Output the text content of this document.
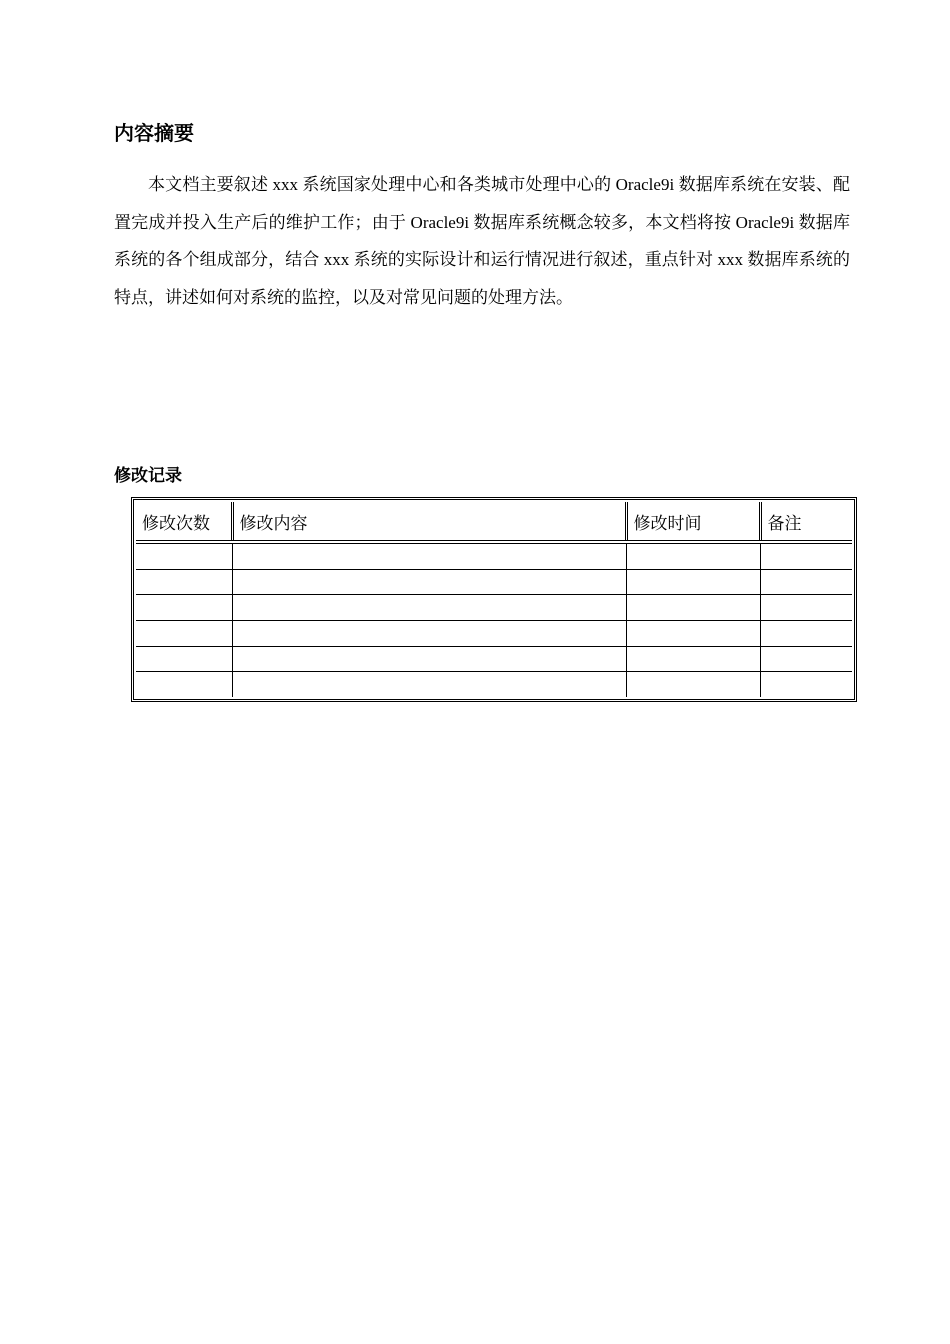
内容摘要

本文档主要叙述 xxx 系统国家处理中心和各类城市处理中心的 Oracle9i 数据库系统在安装、配置完成并投入生产后的维护工作；由于 Oracle9i 数据库系统概念较多，本文档将按 Oracle9i 数据库系统的各个组成部分，结合 xxx 系统的实际设计和运行情况进行叙述，重点针对 xxx 数据库系统的特点，讲述如何对系统的监控，以及对常见问题的处理方法。

修改记录
修改次数	修改内容	修改时间	备注
